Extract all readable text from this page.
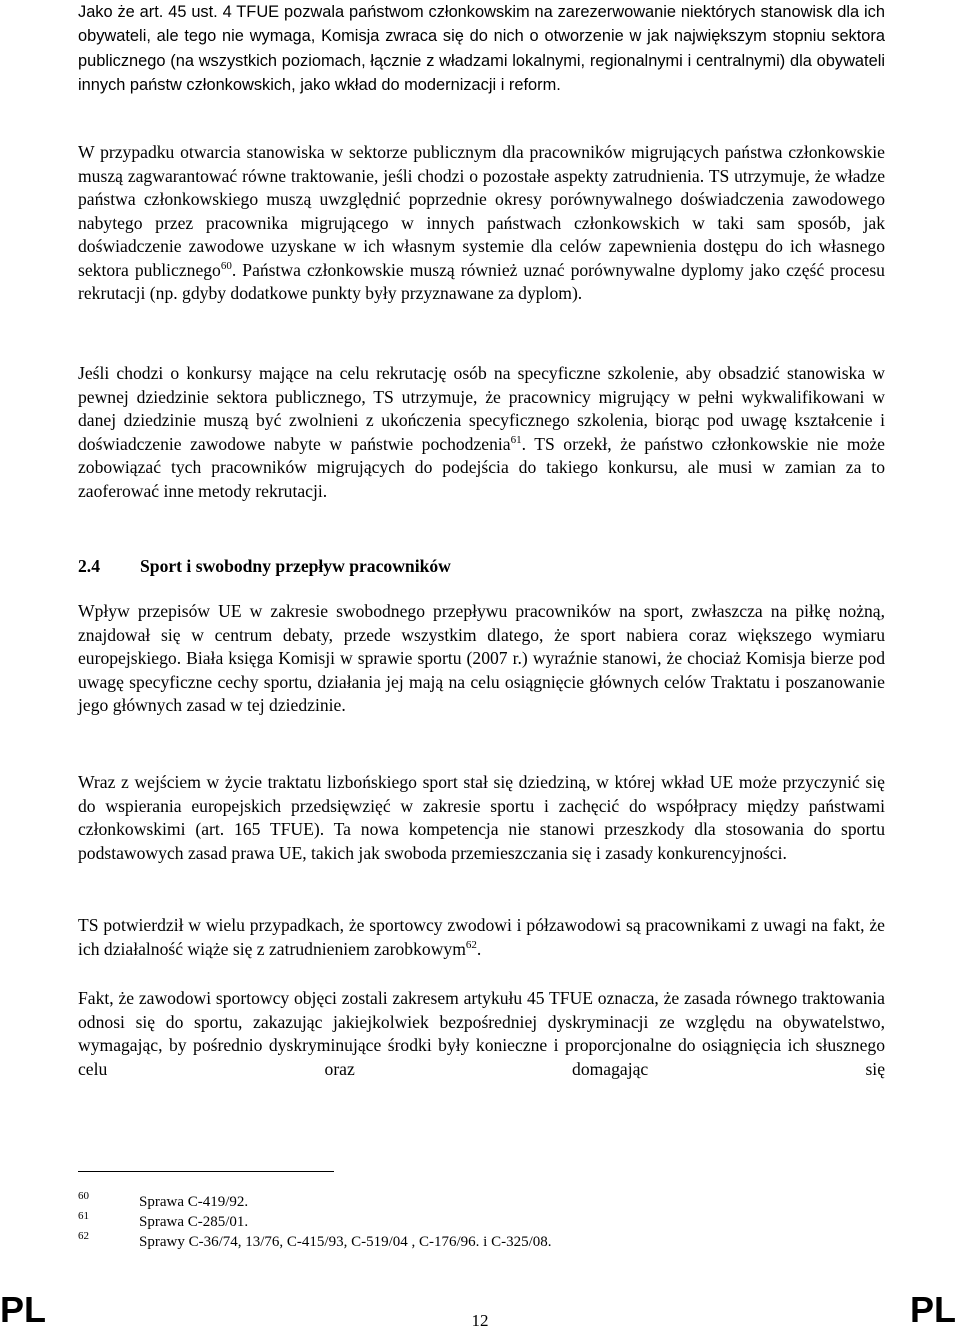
Jako że art. 45 ust. 4 TFUE pozwala państwom członkowskim na zarezerwowanie niektórych stanowisk dla ich obywateli, ale tego nie wymaga, Komisja zwraca się do nich o otworzenie w jak największym stopniu sektora publicznego (na wszystkich poziomach, łącznie z władzami lokalnymi, regionalnymi i centralnymi) dla obywateli innych państw członkowskich, jako wkład do modernizacji i reform.

W przypadku otwarcia stanowiska w sektorze publicznym dla pracowników migrujących państwa członkowskie muszą zagwarantować równe traktowanie, jeśli chodzi o pozostałe aspekty zatrudnienia. TS utrzymuje, że władze państwa członkowskiego muszą uwzględnić poprzednie okresy porównywalnego doświadczenia zawodowego nabytego przez pracownika migrującego w innych państwach członkowskich w taki sam sposób, jak doświadczenie zawodowe uzyskane w ich własnym systemie dla celów zapewnienia dostępu do ich własnego sektora publicznego$^{60}$. Państwa członkowskie muszą również uznać porównywalne dyplomy jako część procesu rekrutacji (np. gdyby dodatkowe punkty były przyznawane za dyplom).

Jeśli chodzi o konkursy mające na celu rekrutację osób na specyficzne szkolenie, aby obsadzić stanowiska w pewnej dziedzinie sektora publicznego, TS utrzymuje, że pracownicy migrujący w pełni wykwalifikowani w danej dziedzinie muszą być zwolnieni z ukończenia specyficznego szkolenia, biorąc pod uwagę kształcenie i doświadczenie zawodowe nabyte w państwie pochodzenia$^{61}$. TS orzekł, że państwo członkowskie nie może zobowiązać tych pracowników migrujących do podejścia do takiego konkursu, ale musi w zamian za to zaoferować inne metody rekrutacji.

2.4 Sport i swobodny przepływ pracowników

Wpływ przepisów UE w zakresie swobodnego przepływu pracowników na sport, zwłaszcza na piłkę nożną, znajdował się w centrum debaty, przede wszystkim dlatego, że sport nabiera coraz większego wymiaru europejskiego. Biała księga Komisji w sprawie sportu (2007 r.) wyraźnie stanowi, że chociaż Komisja bierze pod uwagę specyficzne cechy sportu, działania jej mają na celu osiągnięcie głównych celów Traktatu i poszanowanie jego głównych zasad w tej dziedzinie.

Wraz z wejściem w życie traktatu lizbońskiego sport stał się dziedziną, w której wkład UE może przyczynić się do wspierania europejskich przedsięwzięć w zakresie sportu i zachęcić do współpracy między państwami członkowskimi (art. 165 TFUE). Ta nowa kompetencja nie stanowi przeszkody dla stosowania do sportu podstawowych zasad prawa UE, takich jak swoboda przemieszczania się i zasady konkurencyjności.

TS potwierdził w wielu przypadkach, że sportowcy zwodowi i półzawodowi są pracownikami z uwagi na fakt, że ich działalność wiąże się z zatrudnieniem zarobkowym$^{62}$.

Fakt, że zawodowi sportowcy objęci zostali zakresem artykułu 45 TFUE oznacza, że zasada równego traktowania odnosi się do sportu, zakazując jakiejkolwiek bezpośredniej dyskryminacji ze względu na obywatelstwo, wymagając, by pośrednio dyskryminujące środki były konieczne i proporcjonalne do osiągnięcia ich słusznego celu oraz domagając się

60	Sprawa C-419/92.
61	Sprawa C-285/01.
62	Sprawy C-36/74, 13/76, C-415/93, C-519/04 , C-176/96. i C-325/08.
PL	12	PL
